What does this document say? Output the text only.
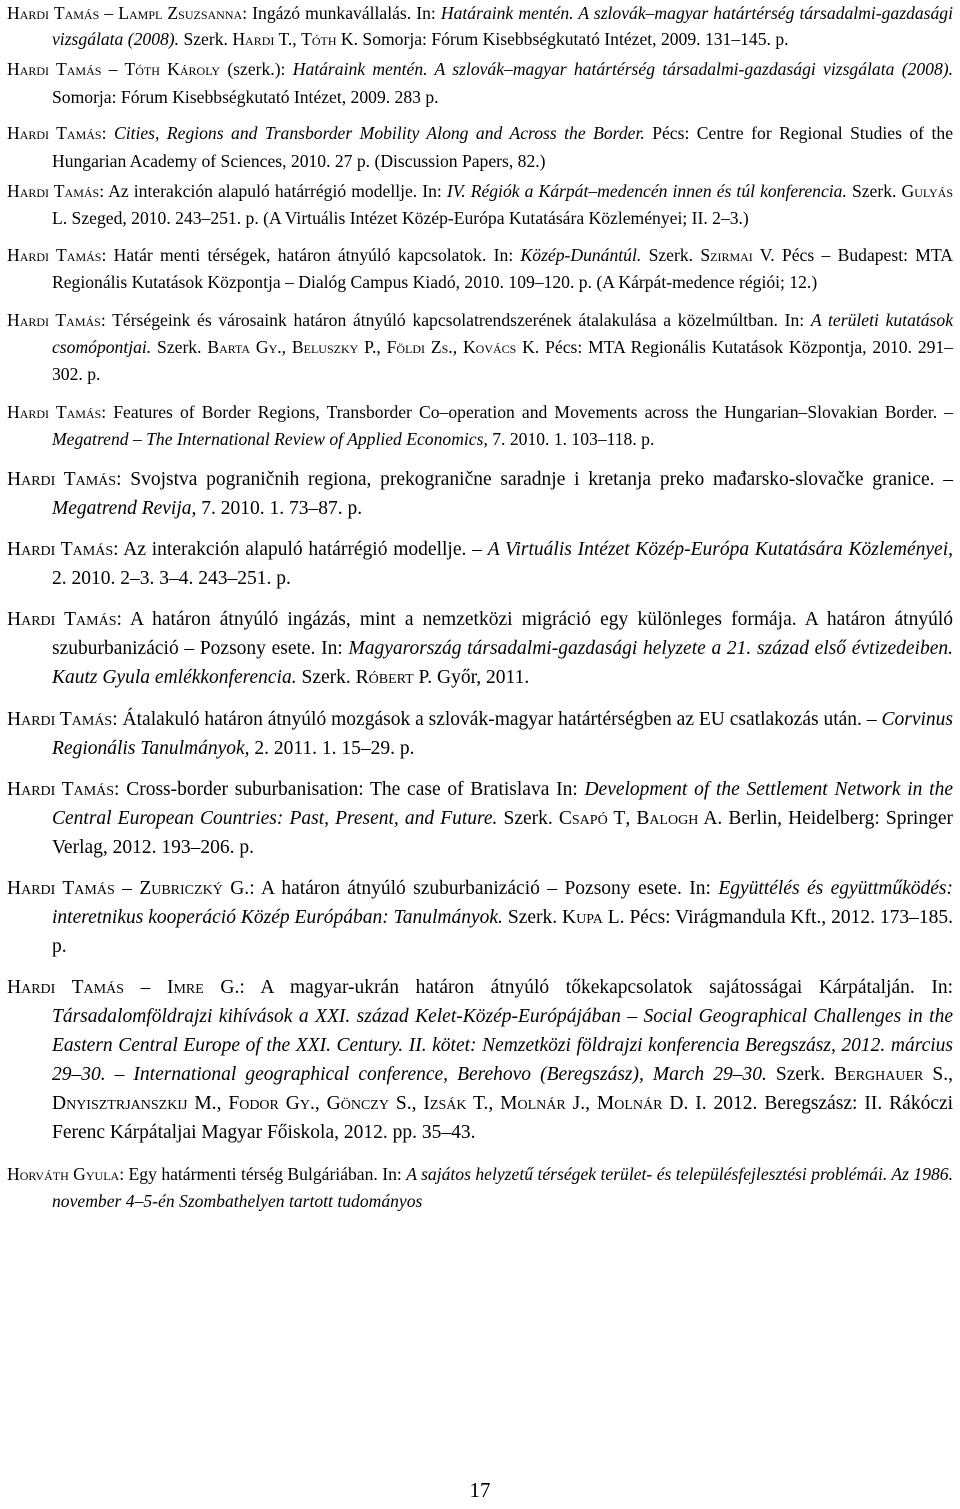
Hardi Tamás – Lampl Zsuzsanna: Ingázó munkavállalás. In: Határaink mentén. A szlovák–magyar határtérség társadalmi-gazdasági vizsgálata (2008). Szerk. Hardi T., Tóth K. Somorja: Fórum Kisebbségkutató Intézet, 2009. 131–145. p.

Hardi Tamás – Tóth Károly (szerk.): Határaink mentén. A szlovák–magyar határtérség társadalmi-gazdasági vizsgálata (2008). Somorja: Fórum Kisebbségkutató Intézet, 2009. 283 p.

Hardi Tamás: Cities, Regions and Transborder Mobility Along and Across the Border. Pécs: Centre for Regional Studies of the Hungarian Academy of Sciences, 2010. 27 p. (Discussion Papers, 82.)

Hardi Tamás: Az interakción alapuló határrégió modellje. In: IV. Régiók a Kárpát–medencén innen és túl konferencia. Szerk. Gulyás L. Szeged, 2010. 243–251. p. (A Virtuális Intézet Közép-Európa Kutatására Közleményei; II. 2–3.)

Hardi Tamás: Határ menti térségek, határon átnyúló kapcsolatok. In: Közép-Dunántúl. Szerk. Szirmai V. Pécs – Budapest: MTA Regionális Kutatások Központja – Dialóg Campus Kiadó, 2010. 109–120. p. (A Kárpát-medence régiói; 12.)

Hardi Tamás: Térségeink és városaink határon átnyúló kapcsolatrendszerének átalakulása a közelmúltban. In: A területi kutatások csomópontjai. Szerk. Barta Gy., Beluszky P., Földi Zs., Kovács K. Pécs: MTA Regionális Kutatások Központja, 2010. 291–302. p.

Hardi Tamás: Features of Border Regions, Transborder Co–operation and Movements across the Hungarian–Slovakian Border. – Megatrend – The International Review of Applied Economics, 7. 2010. 1. 103–118. p.

Hardi Tamás: Svojstva pograničnih regiona, prekogranične saradnje i kretanja preko mađarsko-slovačke granice. – Megatrend Revija, 7. 2010. 1. 73–87. p.

Hardi Tamás: Az interakción alapuló határrégió modellje. – A Virtuális Intézet Közép-Európa Kutatására Közleményei, 2. 2010. 2–3. 3–4. 243–251. p.

Hardi Tamás: A határon átnyúló ingázás, mint a nemzetközi migráció egy különleges formája. A határon átnyúló szuburbanizáció – Pozsony esete. In: Magyarország társadalmi-gazdasági helyzete a 21. század első évtizedeiben. Kautz Gyula emlékkonferencia. Szerk. Róbert P. Győr, 2011.

Hardi Tamás: Átalakuló határon átnyúló mozgások a szlovák-magyar határtérségben az EU csatlakozás után. – Corvinus Regionális Tanulmányok, 2. 2011. 1. 15–29. p.

Hardi Tamás: Cross-border suburbanisation: The case of Bratislava In: Development of the Settlement Network in the Central European Countries: Past, Present, and Future. Szerk. Csapó T, Balogh A. Berlin, Heidelberg: Springer Verlag, 2012. 193–206. p.

Hardi Tamás – Zubriczký G.: A határon átnyúló szuburbanizáció – Pozsony esete. In: Együttélés és együttműködés: interetnikus kooperáció Közép Európában: Tanulmányok. Szerk. Kupa L. Pécs: Virágmandula Kft., 2012. 173–185. p.

Hardi Tamás – Imre G.: A magyar-ukrán határon átnyúló tőkekapcsolatok sajátosságai Kárpátalján. In: Társadalomföldrajzi kihívások a XXI. század Kelet-Közép-Európájában – Social Geographical Challenges in the Eastern Central Europe of the XXI. Century. II. kötet: Nemzetközi földrajzi konferencia Beregszász, 2012. március 29–30. – International geographical conference, Berehovo (Beregszász), March 29–30. Szerk. Berghauer S., Dnyisztrjanszkij M., Fodor Gy., Gönczy S., Izsák T., Molnár J., Molnár D. I. 2012. Beregszász: II. Rákóczi Ferenc Kárpátaljai Magyar Főiskola, 2012. pp. 35–43.

Horváth Gyula: Egy határmenti térség Bulgáriában. In: A sajátos helyzetű térségek terület- és településfejlesztési problémái. Az 1986. november 4–5-én Szombathelyen tartott tudományos

17
